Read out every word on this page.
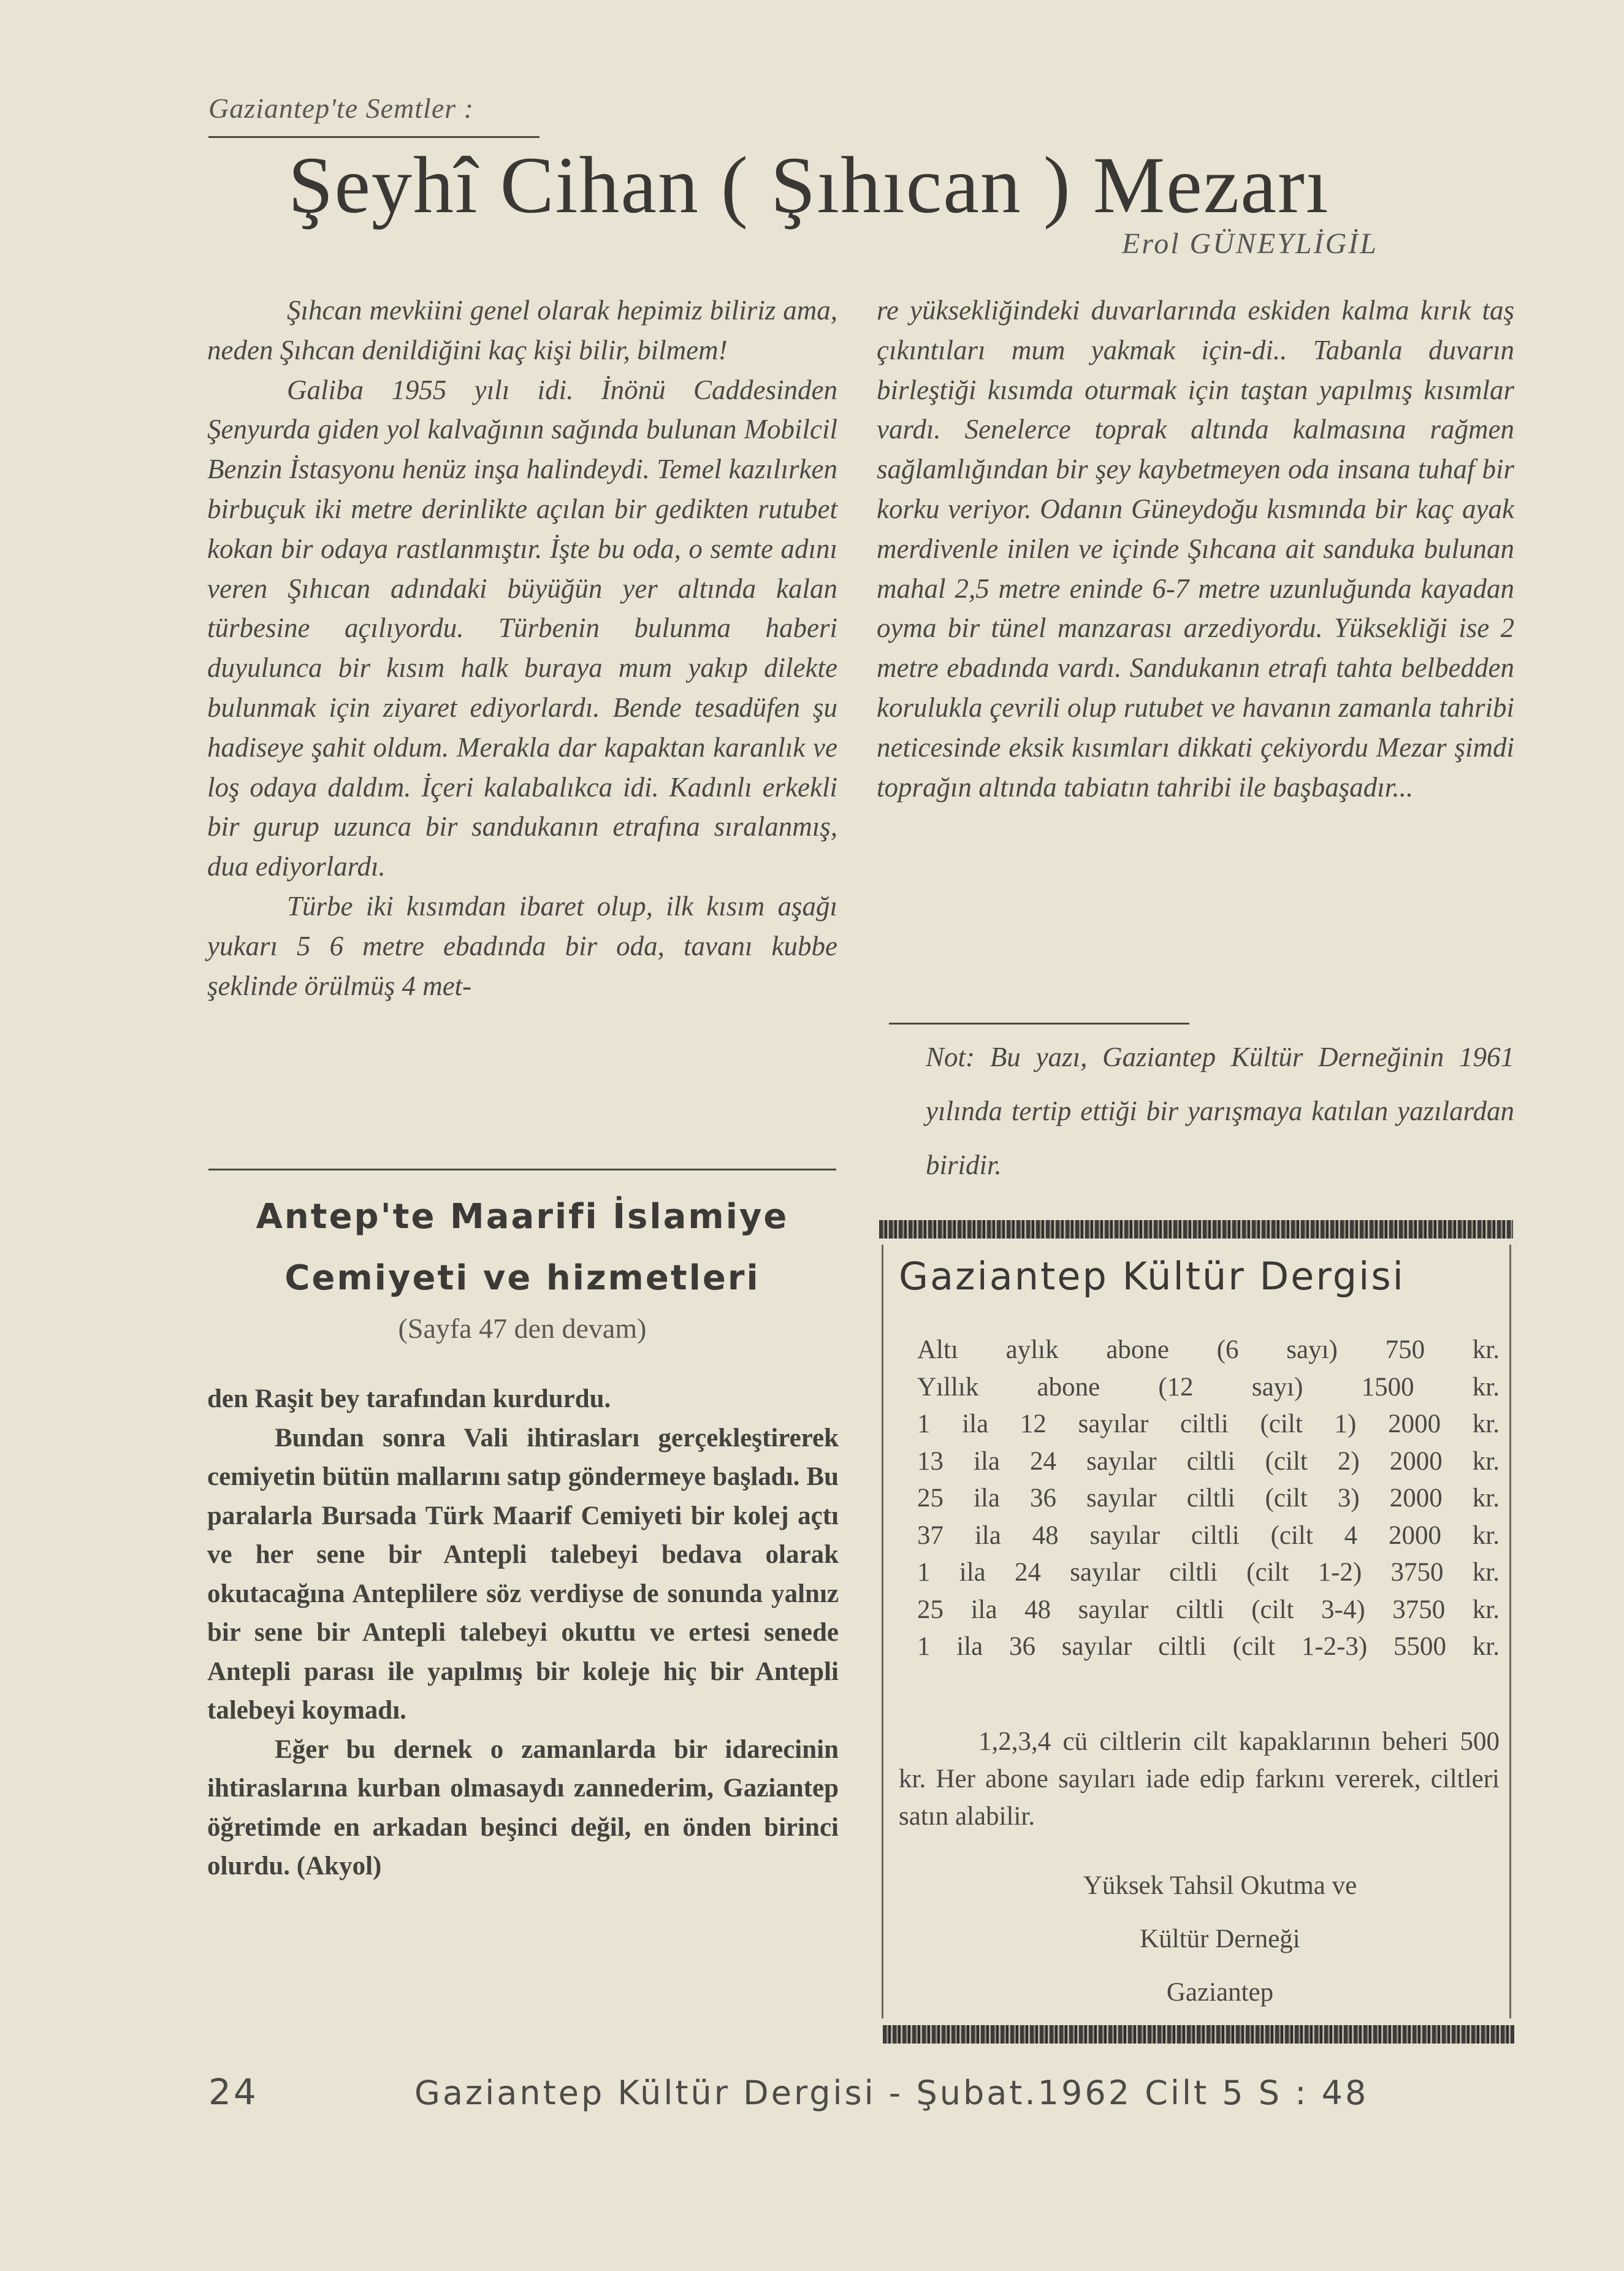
Gaziantep'te Semtler :
Şeyhî Cihan ( Şıhıcan ) Mezarı
Erol GÜNEYLİGİL

Şıhcan mevkiini genel olarak hepimiz biliriz ama, neden Şıhcan denildiğini kaç kişi bilir, bilmem!

Galiba 1955 yılı idi. İnönü Caddesinden Şenyurda giden yol kalvağının sağında bulunan Mobilcil Benzin İstasyonu henüz inşa halindeydi. Temel kazılırken birbuçuk iki metre derinlikte açılan bir gedikten rutubet kokan bir odaya rastlanmıştır. İşte bu oda, o semte adını veren Şıhıcan adındaki büyüğün yer altında kalan türbesine açılıyordu. Türbenin bulunma haberi duyulunca bir kısım halk buraya mum yakıp dilekte bulunmak için ziyaret ediyorlardı. Bende tesadüfen şu hadiseye şahit oldum. Merakla dar kapaktan karanlık ve loş odaya daldım. İçeri kalabalıkca idi. Kadınlı erkekli bir gurup uzunca bir sandukanın etrafına sıralanmış, dua ediyorlardı.

Türbe iki kısımdan ibaret olup, ilk kısım aşağı yukarı 5 6 metre ebadında bir oda, tavanı kubbe şeklinde örülmüş 4 met-

re yüksekliğindeki duvarlarında eskiden kalma kırık taş çıkıntıları mum yakmak için-di.. Tabanla duvarın birleştiği kısımda oturmak için taştan yapılmış kısımlar vardı. Senelerce toprak altında kalmasına rağmen sağlamlığından bir şey kaybetmeyen oda insana tuhaf bir korku veriyor. Odanın Güneydoğu kısmında bir kaç ayak merdivenle inilen ve içinde Şıhcana ait sanduka bulunan mahal 2,5 metre eninde 6-7 metre uzunluğunda kayadan oyma bir tünel manzarası arzediyordu. Yüksekliği ise 2 metre ebadında vardı. Sandukanın etrafı tahta belbedden korulukla çevrili olup rutubet ve havanın zamanla tahribi neticesinde eksik kısımları dikkati çekiyordu Mezar şimdi toprağın altında tabiatın tahribi ile başbaşadır...

Not: Bu yazı, Gaziantep Kültür Derneğinin 1961 yılında tertip ettiği bir yarışmaya katılan yazılardan biridir.
Antep'te Maarifi İslamiye
Cemiyeti ve hizmetleri
(Sayfa 47 den devam)

den Raşit bey tarafından kurdurdu.

Bundan sonra Vali ihtirasları gerçekleştirerek cemiyetin bütün mallarını satıp göndermeye başladı. Bu paralarla Bursada Türk Maarif Cemiyeti bir kolej açtı ve her sene bir Antepli talebeyi bedava olarak okutacağına Anteplilere söz verdiyse de sonunda yalnız bir sene bir Antepli talebeyi okuttu ve ertesi senede Antepli parası ile yapılmış bir koleje hiç bir Antepli talebeyi koymadı.

Eğer bu dernek o zamanlarda bir idarecinin ihtiraslarına kurban olmasaydı zannederim, Gaziantep öğretimde en arkadan beşinci değil, en önden birinci olurdu. (Akyol)

Gaziantep Kültür Dergisi
Altı aylık abone (6 sayı) 750 kr.
Yıllık abone (12 sayı) 1500 kr.
1 ila 12 sayılar ciltli (cilt 1) 2000 kr.
13 ila 24 sayılar ciltli (cilt 2) 2000 kr.
25 ila 36 sayılar ciltli (cilt 3) 2000 kr.
37 ila 48 sayılar ciltli (cilt 4 2000 kr.
1 ila 24 sayılar ciltli (cilt 1-2) 3750 kr.
25 ila 48 sayılar ciltli (cilt 3-4) 3750 kr.
1 ila 36 sayılar ciltli (cilt 1-2-3) 5500 kr.
1,2,3,4 cü ciltlerin cilt kapaklarının beheri 500 kr. Her abone sayıları iade edip farkını vererek, ciltleri satın alabilir.
Yüksek Tahsil Okutma ve
Kültür Derneği
Gaziantep
24	Gaziantep Kültür Dergisi - Şubat.1962 Cilt 5 S : 48
